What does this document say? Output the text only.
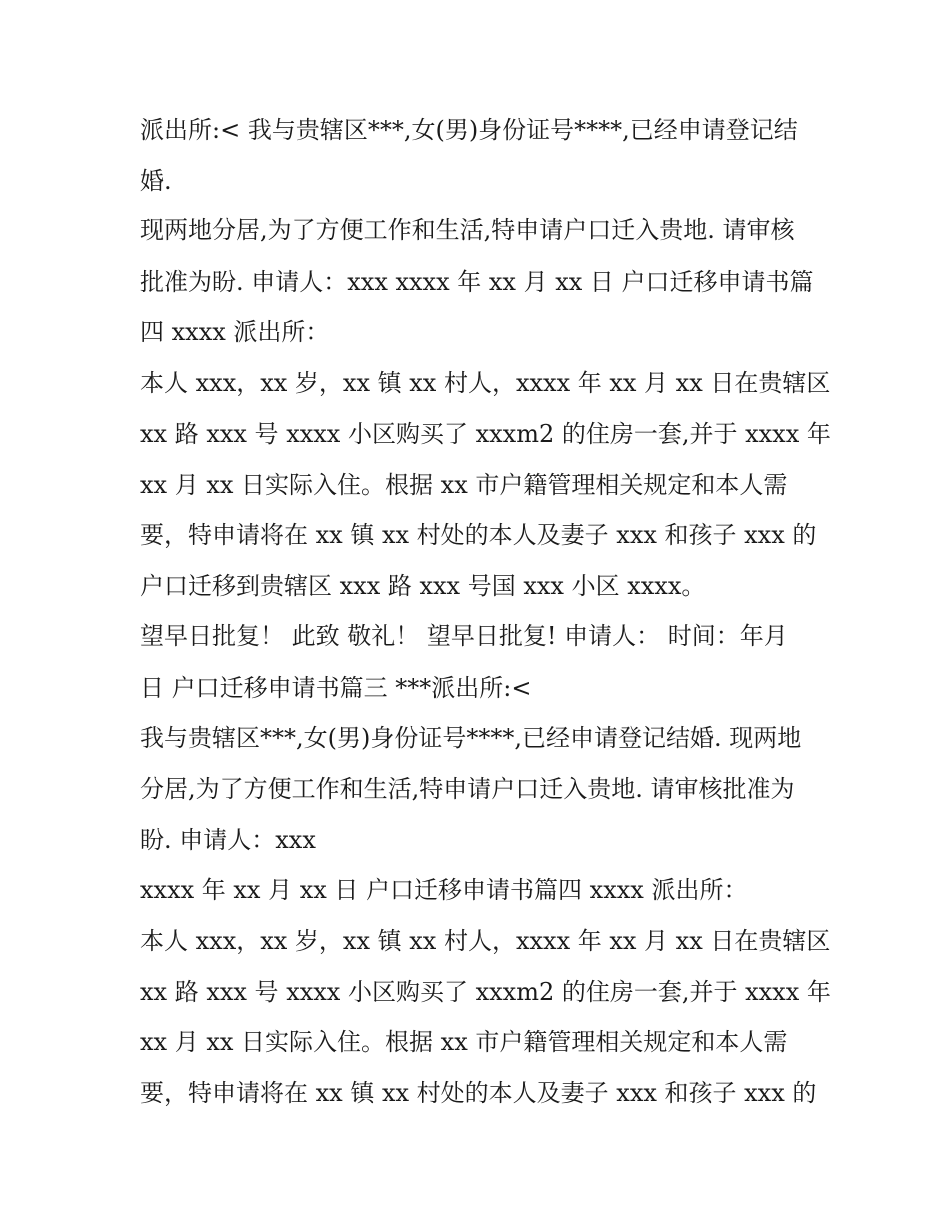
派出所:< 我与贵辖区***,女(男)身份证号****,已经申请登记结
婚.
现两地分居,为了方便工作和生活,特申请户口迁入贵地. 请审核
批准为盼. 申请人：xxx xxxx 年 xx 月 xx 日 户口迁移申请书篇
四 xxxx 派出所：
本人 xxx，xx 岁，xx 镇 xx 村人，xxxx 年 xx 月 xx 日在贵辖区
xx 路 xxx 号 xxxx 小区购买了 xxxm2 的住房一套,并于 xxxx 年
xx 月 xx 日实际入住。根据 xx 市户籍管理相关规定和本人需
要，特申请将在 xx 镇 xx 村处的本人及妻子 xxx 和孩子 xxx 的
户口迁移到贵辖区 xxx 路 xxx 号国 xxx 小区 xxxx。
望早日批复！ 此致 敬礼！ 望早日批复! 申请人： 时间：年月
日 户口迁移申请书篇三 ***派出所:<
我与贵辖区***,女(男)身份证号****,已经申请登记结婚. 现两地
分居,为了方便工作和生活,特申请户口迁入贵地. 请审核批准为
盼. 申请人：xxx
xxxx 年 xx 月 xx 日 户口迁移申请书篇四 xxxx 派出所：
本人 xxx，xx 岁，xx 镇 xx 村人，xxxx 年 xx 月 xx 日在贵辖区
xx 路 xxx 号 xxxx 小区购买了 xxxm2 的住房一套,并于 xxxx 年
xx 月 xx 日实际入住。根据 xx 市户籍管理相关规定和本人需
要，特申请将在 xx 镇 xx 村处的本人及妻子 xxx 和孩子 xxx 的
